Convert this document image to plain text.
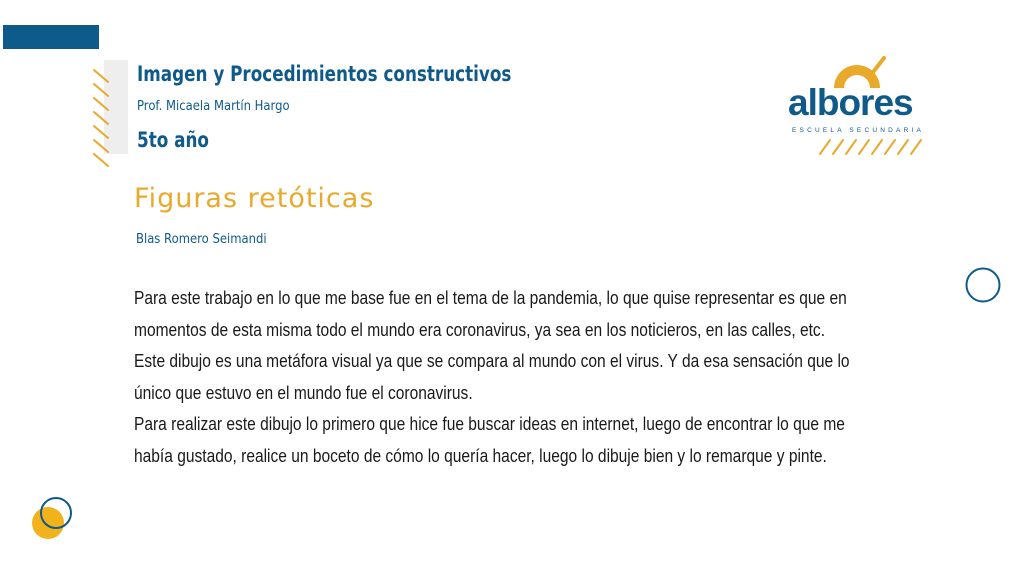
Imagen y Procedimientos constructivos
Prof. Micaela Martín Hargo
5to año
albores
ESCUELA SECUNDARIA
Figuras retóticas
Blas Romero Seimandi

Para este trabajo en lo que me base fue en el tema de la pandemia, lo que quise representar es que en momentos de esta misma todo el mundo era coronavirus, ya sea en los noticieros, en las calles, etc.

Este dibujo es una metáfora visual ya que se compara al mundo con el virus. Y da esa sensación que lo único que estuvo en el mundo fue el coronavirus.

Para realizar este dibujo lo primero que hice fue buscar ideas en internet, luego de encontrar lo que me había gustado, realice un boceto de cómo lo quería hacer, luego lo dibuje bien y lo remarque y pinte.
